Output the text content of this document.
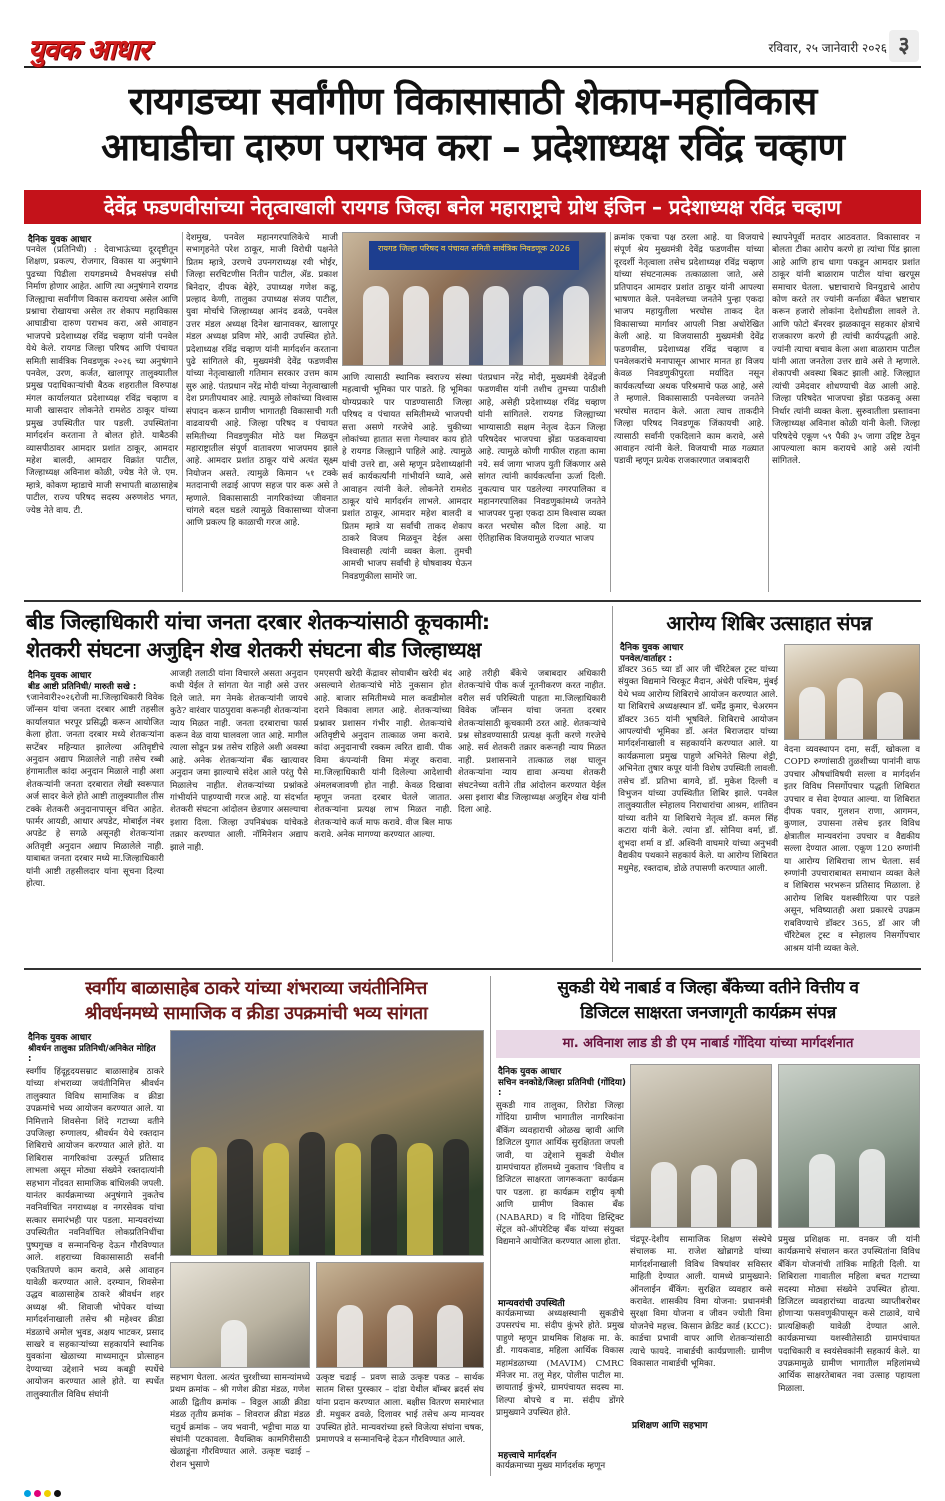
युवक आधार	रविवार, २५ जानेवारी २०२६ ३
रायगडच्या सर्वांगीण विकासासाठी शेकाप-महाविकास
आघाडीचा दारुण पराभव करा – प्रदेशाध्यक्ष रविंद्र चव्हाण
देवेंद्र फडणवीसांच्या नेतृत्वाखाली रायगड जिल्हा बनेल महाराष्ट्राचे ग्रोथ इंजिन – प्रदेशाध्यक्ष रविंद्र चव्हाण
दैनिक युवक आधार
पनवेल (प्रतिनिधी) : देवाभाऊंच्या दूरदृष्टीतून शिक्षण, प्रकल्प, रोजगार, विकास या अनुषंगाने पुढच्या पिढीला रायगडमध्ये वैभवसंपन्न संधी निर्माण होणार आहेत. आणि त्या अनुषंगाने रायगड जिल्ह्याचा सर्वांगीण विकास करायचा असेल आणि प्रश्नाचा रोखायचा असेल तर शेकाप महाविकास आघाडीचा दारुण पराभव करा, असे आवाहन भाजपचे प्रदेशाध्यक्ष रविंद्र चव्हाण यांनी पनवेल येथे केले. रायगड जिल्हा परिषद आणि पंचायत समिती सार्वत्रिक निवडणूक २०२६ च्या अनुषंगाने पनवेल, उरण, कर्जत, खालापूर तालुक्यातील प्रमुख पदाधिकाऱ्यांची बैठक शहरातील विरुपाक्ष मंगल कार्यालयात प्रदेशाध्यक्ष रविंद्र चव्हाण व माजी खासदार लोकनेते रामशेठ ठाकूर यांच्या प्रमुख उपस्थितीत पार पडली. उपस्थितांना मार्गदर्शन करताना ते बोलत होते. याबैठकी व्यासपीठावर आमदार प्रशांत ठाकूर, आमदार महेश बालदी, आमदार विक्रांत पाटील, जिल्हाध्यक्ष अविनाश कोळी, ज्येष्ठ नेते जे. एम. म्हात्रे, कोकण म्हाडाचे माजी सभापती बाळासाहेब पाटील, राज्य परिषद सदस्य अरुणशेठ भगत, ज्येष्ठ नेते वाय. टी.
देशमुख, पनवेल महानगरपालिकेचे माजी सभागृहनेते परेश ठाकूर, माजी विरोधी पक्षनेते प्रितम म्हात्रे, उरणचे उपनगराध्यक्ष रवी भोईर, जिल्हा सरचिटणीस नितीन पाटील, ॲड. प्रकाश बिनेदार, दीपक बेहेरे, उपाध्यक्ष गणेश कडू, प्रल्हाद केणी, तालुका उपाध्यक्ष संजय पाटील, युवा मोर्चाचे जिल्हाध्यक्ष आनंद ढवळे, पनवेल उत्तर मंडल अध्यक्ष दिनेश खानावकर, खालापूर मंडल अध्यक्ष प्रविण मोरे, आदी उपस्थित होते. प्रदेशाध्यक्ष रविंद्र चव्हाण यांनी मार्गदर्शन करताना पुढे सांगितले की, मुख्यमंत्री देवेंद्र फडणवीस यांच्या नेतृत्वाखाली गतिमान सरकार उत्तम काम सुरु आहे. पंतप्रधान नरेंद्र मोदी यांच्या नेतृत्वाखाली देश प्रगतीपथावर आहे. त्यामुळे लोकांच्या विश्वास संपादन करून ग्रामीण भागातही विकासाची गती वाढवायची आहे. जिल्हा परिषद व पंचायत समितीच्या निवडणुकीत मोठे यश मिळवून महाराष्ट्रातील संपूर्ण वातावरण भाजपमय झाले आहे. आमदार प्रशांत ठाकूर यांचे अत्यंत सूक्ष्म नियोजन असते. त्यामुळे किमान ५१ टक्के मतदानाची लढाई आपण सहज पार करू असे ते म्हणाले. विकासासाठी नागरिकांच्या जीवनात चांगले बदल घडले त्यामुळे विकासाच्या योजना आणि प्रकल्प हि काळाची गरज आहे.
रायगड जिल्हा परिषद व पंचायत समिती सार्वत्रिक निवडणूक 2026
आणि त्यासाठी स्थानिक स्वराज्य संस्था महत्वाची भूमिका पार पाडते. हि भूमिका योग्यप्रकारे पार पाडण्यासाठी जिल्हा परिषद व पंचायत समितीमध्ये भाजपची सत्ता असणे गरजेचे आहे. चुकीच्या लोकांच्या हातात सत्ता गेल्यावर काय होते हे रायगड जिल्ह्याने पाहिले आहे. त्यामुळे यांची उत्तरे द्या, असे म्हणून प्रदेशाध्यक्षांनी सर्व कार्यकर्त्यांनी गांभीर्याने घ्यावे, असे आवाहन त्यांनी केले. लोकनेते रामशेठ ठाकूर यांचे मार्गदर्शन लाभले. आमदार प्रशांत ठाकूर, आमदार महेश बालदी व प्रितम म्हात्रे या सर्वांची ताकद शेकाप ठाकरे विजय मिळवून देईल असा विश्वासही त्यांनी व्यक्त केला. तुमची आमची भाजप सर्वांची हे घोषवाक्य घेऊन निवडणुकीला सामोरे जा.
पंतप्रधान नरेंद्र मोदी, मुख्यमंत्री देवेंद्रजी फडणवीस यांनी तशीच तुमच्या पाठीशी आहे, असेही प्रदेशाध्यक्ष रविंद्र चव्हाण यांनी सांगितले. रायगड जिल्ह्याच्या भाग्यासाठी सक्षम नेतृत्व देऊन जिल्हा परिषदेवर भाजपचा झेंडा फडकवायचा आहे. त्यामुळे कोणी गाफील राहता कामा नये. सर्व जागा भाजप युती जिंकणार असे सांगत त्यांनी कार्यकर्त्यांना ऊर्जा दिली. नुकत्याच पार पडलेल्या नगरपालिका व महानगरपालिका निवडणुकांमध्ये जनतेने भाजपवर पुन्हा एकदा ठाम विश्वास व्यक्त करत भरघोस कौल दिला आहे. या ऐतिहासिक विजयामुळे राज्यात भाजप
क्रमांक एकचा पक्ष ठरला आहे. या विजयाचे संपूर्ण श्रेय मुख्यमंत्री देवेंद्र फडणवीस यांच्या दूरदर्शी नेतृत्वाला तसेच प्रदेशाध्यक्ष रविंद्र चव्हाण यांच्या संघटनात्मक तत्काळाला जाते, असे प्रतिपादन आमदार प्रशांत ठाकूर यांनी आपल्या भाषणात केले. पनवेलच्या जनतेने पुन्हा एकदा भाजप महायुतीला भरघोस ताकद देत विकासाच्या मार्गावर आपली निष्ठा अधोरेखित केली आहे. या विजयासाठी मुख्यमंत्री देवेंद्र फडणवीस, प्रदेशाध्यक्ष रविंद्र चव्हाण व पनवेलकरांचे मनापासून आभार मानत हा विजय केवळ निवडणुकीपुरता मर्यादित नसून कार्यकर्त्यांच्या अथक परिश्रमाचे फळ आहे, असे ते म्हणाले. विकासासाठी पनवेलच्या जनतेने भरघोस मतदान केले. आता त्याच ताकदीने जिल्हा परिषद निवडणूक जिंकायची आहे. त्यासाठी सर्वांनी एकदिलाने काम करावे, असे आवाहन त्यांनी केले. विजयाची माळ गळ्यात पडावी म्हणून प्रत्येक राजकारणात जबाबदारी
स्थापनेपूर्वी मतदार आठवतात. विकासावर न बोलता टीका आरोप करणे हा त्यांचा पिंड झाला आहे आणि हाच धागा पकडून आमदार प्रशांत ठाकूर यांनी बाळाराम पाटील यांचा खरपूस समाचार घेतला. भ्रष्टाचाराचे विनयुडाचे आरोप कोण करते तर ज्यांनी कर्नाळा बँकेत भ्रष्टाचार करून हजारो लोकांना देशोधडीला लावले ते. आणि फोटो बॅनरवर झळकावून सहकार क्षेत्राचे राजकारण करणे ही त्यांची कार्यपद्धती आहे. ज्यांनी त्याचा बचाव केला अशा बाळाराम पाटील यांनी आता जनतेला उत्तर द्यावे असे ते म्हणाले. शेकापची अवस्था बिकट झाली आहे. जिल्ह्यात त्यांची उमेदवार शोधण्याची वेळ आली आहे. जिल्हा परिषदेत भाजपचा झेंडा फडकवू असा निर्धार त्यांनी व्यक्त केला. सुरुवातीला प्रस्तावना जिल्हाध्यक्ष अविनाश कोळी यांनी केली. जिल्हा परिषदेचे एकूण ५९ पैकी ३५ जागा उद्दिष्ट ठेवून आपल्याला काम करायचे आहे असे त्यांनी सांगितले.
बीड जिल्हाधिकारी यांचा जनता दरबार शेतकऱ्यांसाठी कूचकामी:
शेतकरी संघटना अजुद्दिन शेख शेतकरी संघटना बीड जिल्हाध्यक्ष
दैनिक युवक आधार
बीड आष्टी प्रतिनिधी/ मारुती सखे :
९जानेवारी२०२६रोजी मा.जिल्हाधिकारी विवेक जॉन्सन यांचा जनता दरबार आष्टी तहसील कार्यालयात भरपूर प्रसिद्धी करून आयोजित केला होता. जनता दरबार मध्ये शेतकऱ्यांना सप्टेंबर महिन्यात झालेल्या अतिवृष्टीचे अनुदान अद्याप मिळालेले नाही तसेच रब्बी हंगामातील कांदा अनुदान मिळाले नाही अशा शेतकऱ्यांनी जनता दरबारात लेखी स्वरूपात अर्ज सादर केले होते आष्टी तालुक्यातील तीस टक्के शेतकरी अनुदानापासून वंचित आहेत. फार्मर आयडी, आधार अपडेट, मोबाईल नंबर अपडेट हे सगळे असूनही शेतकऱ्यांना अतिवृष्टी अनुदान अद्याप मिळालेले नाही. याबाबत जनता दरबार मध्ये मा.जिल्हाधिकारी यांनी आष्टी तहसीलदार यांना सूचना दिल्या होत्या.
आजही तलाठी यांना विचारले असता अनुदान कधी येईल ते सांगता येत नाही असे उत्तर दिले जाते. मग नेमके शेतकऱ्यांनी जायचे कुठे? वारंवार पाठपुरावा करूनही शेतकऱ्यांना न्याय मिळत नाही. जनता दरबाराचा फार्स करून वेळ वाया घालवला जात आहे. मागील त्याला सोडून प्रश्न तसेच राहिले अशी अवस्था आहे. अनेक शेतकऱ्यांना बँक खात्यावर अनुदान जमा झाल्याचे संदेश आले परंतु पैसे मिळालेच नाहीत. शेतकऱ्यांच्या प्रश्नांकडे गांभीर्याने पाहण्याची गरज आहे. या संदर्भात शेतकरी संघटना आंदोलन छेडणार असल्याचा इशारा दिला. जिल्हा उपनिबंधक यांचेकडे तक्रार करण्यात आली. नॉमिनेशन अद्याप झाले नाही.
एमएसपी खरेदी केंद्रावर सोयाबीन खरेदी बंद असल्याने शेतकऱ्यांचे मोठे नुकसान होत आहे. बाजार समितीमध्ये माल कवडीमोल दराने विकावा लागत आहे. शेतकऱ्यांच्या प्रश्नावर प्रशासन गंभीर नाही. शेतकऱ्यांचे अतिवृष्टीचे अनुदान तात्काळ जमा करावे. कांदा अनुदानाची रक्कम त्वरित द्यावी. पीक विमा कंपन्यांनी विमा मंजूर करावा. मा.जिल्हाधिकारी यांनी दिलेल्या आदेशाची अंमलबजावणी होत नाही. केवळ दिखावा म्हणून जनता दरबार घेतले जातात. शेतकऱ्यांना प्रत्यक्ष लाभ मिळत नाही. शेतकऱ्यांचे कर्ज माफ करावे. वीज बिल माफ करावे. अनेक मागण्या करण्यात आल्या.
आहे तरीही बँकेचे जबाबदार अधिकारी शेतकऱ्यांचे पीक कर्ज नूतनीकरण करत नाहीत. वरील सर्व परिस्थिती पाहता मा.जिल्हाधिकारी विवेक जॉन्सन यांचा जनता दरबार शेतकऱ्यांसाठी कूचकामी ठरत आहे. शेतकऱ्यांचे प्रश्न सोडवण्यासाठी प्रत्यक्ष कृती करणे गरजेचे आहे. सर्व शेतकरी तक्रार करूनही न्याय मिळत नाही. प्रशासनाने तात्काळ लक्ष घालून शेतकऱ्यांना न्याय द्यावा अन्यथा शेतकरी संघटनेच्या वतीने तीव्र आंदोलन करण्यात येईल असा इशारा बीड जिल्हाध्यक्ष अजुद्दिन शेख यांनी दिला आहे.
आरोग्य शिबिर उत्साहात संपन्न
दैनिक युवक आधार
पनवेल/वार्ताहर :
डॉक्टर 365 च्या डॉ आर जी चॅरिटेबल ट्रस्ट यांच्या संयुक्त विद्यमाने चिरकूट मैदान, अंधेरी पश्चिम, मुंबई येथे भव्य आरोग्य शिबिराचे आयोजन करण्यात आले. या शिबिराचे अध्यक्षस्थान डॉ. धर्मेंद्र कुमार, चेअरमन डॉक्टर 365 यांनी भूषविले. शिबिराचे आयोजन आपल्यांची भूमिका डॉ. अनंत बिराजदार यांच्या मार्गदर्शनाखाली व सहकार्याने करण्यात आले. या कार्यक्रमाला प्रमुख पाहुणे अभिनेते सिल्पा शेट्टी, अभिनेता तुषार कपूर यांनी विशेष उपस्थिती लावली. तसेच डॉ. प्रतिभा बागवे, डॉ. मुकेश दिल्ली व विभुजन यांच्या उपस्थितीत शिबिर झाले. पनवेल तालुक्यातील स्नेहालय निराधारांचा आश्रम, शांतिवन यांच्या वतीने या शिबिराचे नेतृत्व डॉ. कमल सिंह कटारा यांनी केले. त्यांना डॉ. सोनिया वर्मा, डॉ. शुभदा शर्मा व डॉ. अश्विनी वाघमारे यांच्या अनुभवी वैद्यकीय पथकाने सहकार्य केले. या आरोग्य शिबिरात मधुमेह, रक्तदाब, डोळे तपासणी करण्यात आली.
वेदना व्यवस्थापन दमा, सर्दी, खोकला व COPD रुग्णांसाठी तुळशीच्या पानांनी वाफ उपचार औषधांविषयी सल्ला व मार्गदर्शन इतर विविध निसर्गोपचार पद्धती शिबिरात उपचार व सेवा देण्यात आल्या. या शिबिरात दीपक पवार, गुलशन राणा, आगमन, कुणाल, उपासना तसेच इतर विविध क्षेत्रातील मान्यवरांना उपचार व वैद्यकीय सल्ला देण्यात आला. एकूण 120 रुग्णांनी या आरोग्य शिबिराचा लाभ घेतला. सर्व रुग्णांनी उपचाराबाबत समाधान व्यक्त केले व शिबिरास भरभरून प्रतिसाद मिळाला. हे आरोग्य शिबिर यशस्वीरित्या पार पडले असून, भविष्यातही अशा प्रकारचे उपक्रम राबविण्याचे डॉक्टर 365, डॉ आर जी चॅरिटेबल ट्रस्ट व स्नेहालय निसर्गोपचार आश्रम यांनी व्यक्त केले.
स्वर्गीय बाळासाहेब ठाकरे यांच्या शंभराव्या जयंतीनिमित्त
श्रीवर्धनमध्ये सामाजिक व क्रीडा उपक्रमांची भव्य सांगता
दैनिक युवक आधार
श्रीवर्धन तालुका प्रतिनिधी/अनिकेत मोहित :
स्वर्गीय हिंदूहृदयसम्राट बाळासाहेब ठाकरे यांच्या शंभराव्या जयंतीनिमित्त श्रीवर्धन तालुक्यात विविध सामाजिक व क्रीडा उपक्रमांचे भव्य आयोजन करण्यात आले. या निमित्ताने शिवसेना शिंदे गटाच्या वतीने उपजिल्हा रुग्णालय, श्रीवर्धन येथे रक्तदान शिबिराचे आयोजन करण्यात आले होते. या शिबिरास नागरिकांचा उत्स्फूर्त प्रतिसाद लाभला असून मोठ्या संख्येने रक्तदात्यांनी सहभाग नोंदवत सामाजिक बांधिलकी जपली. यानंतर कार्यक्रमाच्या अनुषंगाने नुकतेच नवनिर्वाचित नगराध्यक्ष व नगरसेवक यांचा सत्कार समारंभही पार पडला. मान्यवरांच्या उपस्थितीत नवनिर्वाचित लोकप्रतिनिधींचा पुष्पगुच्छ व सन्मानचिन्ह देऊन गौरविण्यात आले. शहराच्या विकासासाठी सर्वांनी एकत्रितपणे काम करावे, असे आवाहन यावेळी करण्यात आले. दरम्यान, शिवसेना उद्धव बाळासाहेब ठाकरे श्रीवर्धन शहर अध्यक्ष श्री. शिवाजी भोपेकर यांच्या मार्गदर्शनाखाली तसेच श्री महेश्वर क्रीडा मंडळाचे अमोल भुवड, अक्षय भाटकर, प्रसाद साखरे व सहकाऱ्यांच्या सहकार्याने स्थानिक युवकांना खेळाच्या माध्यमातून प्रोत्साहन देण्याच्या उद्देशाने भव्य कबड्डी स्पर्धेचे आयोजन करण्यात आले होते. या स्पर्धेत तालुक्यातील विविध संघांनी
सहभाग घेतला. अत्यंत चुरशीच्या सामन्यांमध्ये प्रथम क्रमांक – श्री गणेश क्रीडा मंडळ, गणेश आळी द्वितीय क्रमांक – विठ्ठल आळी क्रीडा मंडळ तृतीय क्रमांक – शिवराज क्रीडा मंडळ चतुर्थ क्रमांक – जय भवानी, भट्टीचा माळ या संघांनी पटकावला. वैयक्तिक कामगिरीसाठी खेळाडूंना गौरविण्यात आले. उत्कृष्ट चढाई – रोशन भुसाणे
उत्कृष्ट चढाई – प्रवण साळे उत्कृष्ट पकड – सार्थक सातम शिस्त पुरस्कार – दांडा येथील बॉम्बर ब्रदर्स संघ यांना प्रदान करण्यात आला. बक्षीस वितरण समारंभात डी. मधुकर ढवळे, दिलावर भाई तसेच अन्य मान्यवर उपस्थित होते. मान्यवरांच्या हस्ते विजेत्या संघांना चषक, प्रमाणपत्रे व सन्मानचिन्हे देऊन गौरविण्यात आले.
सुकडी येथे नाबार्ड व जिल्हा बँकेच्या वतीने वित्तीय व
डिजिटल साक्षरता जनजागृती कार्यक्रम संपन्न
मा. अविनाश लाड डी डी एम नाबार्ड गोंदिया यांच्या मार्गदर्शनात
दैनिक युवक आधार
सचिन वनकोडे/जिल्हा प्रतिनिधी (गोंदिया) :
सुकडी गाव तालुका, तिरोडा जिल्हा गोंदिया ग्रामीण भागातील नागरिकांना बँकिंग व्यवहाराची ओळख व्हावी आणि डिजिटल युगात आर्थिक सुरक्षितता जपली जावी, या उद्देशाने सुकडी येथील ग्रामपंचायत हॉलमध्ये नुकताच 'वित्तीय व डिजिटल साक्षरता जागरूकता' कार्यक्रम पार पडला. हा कार्यक्रम राष्ट्रीय कृषी आणि ग्रामीण विकास बँक (NABARD) व दि गोंदिया डिस्ट्रिक्ट सेंट्रल को-ऑपरेटिव्ह बँक यांच्या संयुक्त विद्यमाने आयोजित करण्यात आला होता.
मान्यवरांची उपस्थिती
कार्यक्रमाच्या अध्यक्षस्थानी सुकडीचे उपसरपंच मा. संदीप कुंभरे होते. प्रमुख पाहुणे म्हणून प्राथमिक शिक्षक मा. के. डी. गायकवाड, महिला आर्थिक विकास महामंडळाच्या (MAVIM) CMRC मॅनेजर मा. तलु मेहर, पोलीस पाटील मा. छायाताई कुंभरे, ग्रामपंचायत सदस्य मा. शिल्पा बोपचे व मा. संदीप डोंगरे प्रामुख्याने उपस्थित होते.
महत्त्वाचे मार्गदर्शन
कार्यक्रमाच्या मुख्य मार्गदर्शक म्हणून
चंद्रपूर-देशीय सामाजिक शिक्षण संस्थेचे संचालक मा. राजेश खोब्रागडे यांच्या मार्गदर्शनाखाली विविध विषयांवर सविस्तर माहिती देण्यात आली. यामध्ये प्रामुख्याने: ऑनलाईन बँकिंग: सुरक्षित व्यवहार कसे करावेत. शासकीय विमा योजना: प्रधानमंत्री सुरक्षा विमा योजना व जीवन ज्योती विमा योजनेचे महत्त्व. किसान क्रेडिट कार्ड (KCC): कार्डचा प्रभावी वापर आणि शेतकऱ्यांसाठी त्याचे फायदे. नाबार्डची कार्यप्रणाली: ग्रामीण विकासात नाबार्डची भूमिका.
प्रशिक्षण आणि सहभाग
प्रमुख प्रशिक्षक मा. वनकर जी यांनी कार्यक्रमाचे संचालन करत उपस्थितांना विविध बँकिंग योजनांची तांत्रिक माहिती दिली. या शिबिराला गावातील महिला बचत गटाच्या सदस्या मोठ्या संख्येने उपस्थित होत्या. डिजिटल व्यवहारांच्या वाढत्या व्याप्तीबरोबर होणाऱ्या फसवणुकीपासून कसे टाळावे, याचे प्रात्यक्षिकही यावेळी देण्यात आले. कार्यक्रमाच्या यशस्वीतेसाठी ग्रामपंचायत पदाधिकारी व स्वयंसेवकांनी सहकार्य केले. या उपक्रमामुळे ग्रामीण भागातील महिलांमध्ये आर्थिक साक्षरतेबाबत नवा उत्साह पहायला मिळाला.
